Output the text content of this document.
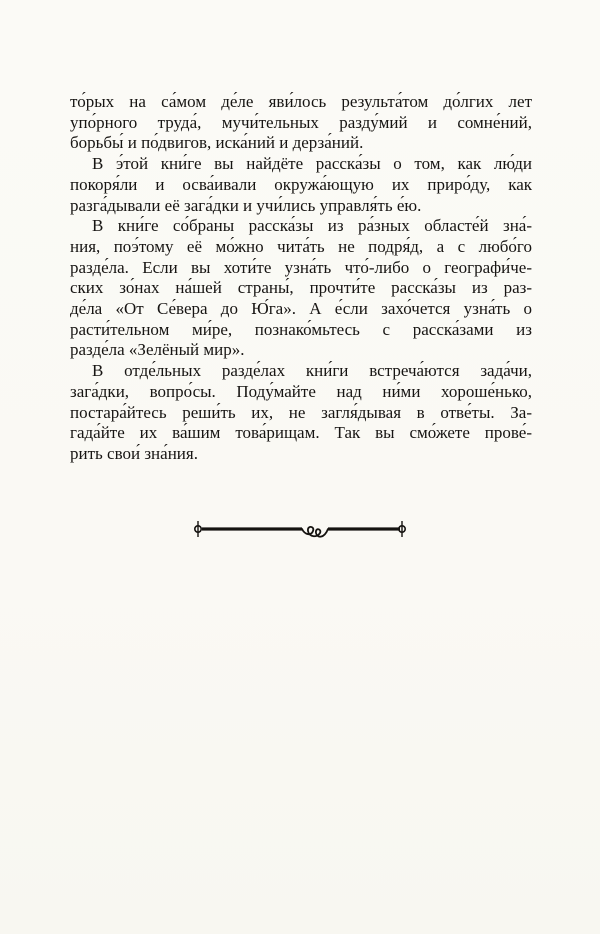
то́рых на са́мом де́ле яви́лось результа́том до́лгих лет
упо́рного труда́, мучи́тельных разду́мий и сомне́ний,
борьбы́ и по́двигов, иска́ний и дерза́ний.
В э́той кни́ге вы найдёте расска́зы о том, как лю́ди
покоря́ли и осва́ивали окружа́ющую их приро́ду, как
разга́дывали её зага́дки и учи́лись управля́ть е́ю.
В кни́ге со́браны расска́зы из ра́зных областе́й зна́-
ния, поэ́тому её мо́жно чита́ть не подря́д, а с любо́го
разде́ла. Если вы хоти́те узна́ть что́-либо о географи́че-
ских зо́нах на́шей страны́, прочти́те расска́зы из раз-
де́ла «От Се́вера до Ю́га». А е́сли захо́чется узна́ть о
расти́тельном ми́ре, познако́мьтесь с расска́зами из
разде́ла «Зелёный мир».
В отде́льных разде́лах кни́ги встреча́ются зада́чи,
зага́дки, вопро́сы. Поду́майте над ни́ми хороше́нько,
постара́йтесь реши́ть их, не загля́дывая в отве́ты. За-
гада́йте их ва́шим това́рищам. Так вы смо́жете прове́-
рить свои́ зна́ния.
